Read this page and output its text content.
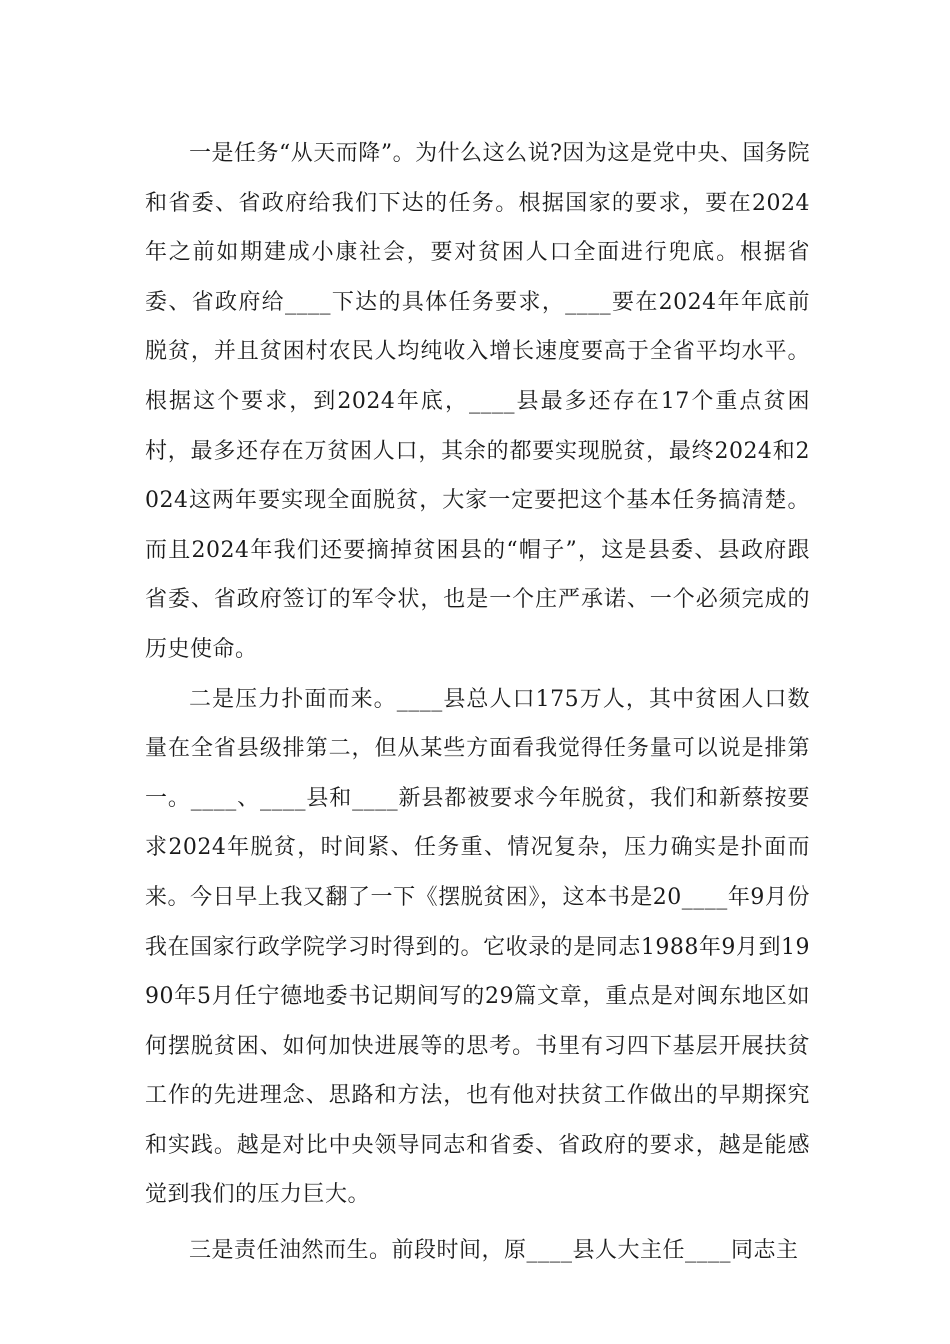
一是任务“从天而降”。为什么这么说?因为这是党中央、国务院和省委、省政府给我们下达的任务。根据国家的要求，要在2024年之前如期建成小康社会，要对贫困人口全面进行兜底。根据省委、省政府给____下达的具体任务要求，____要在2024年年底前脱贫，并且贫困村农民人均纯收入增长速度要高于全省平均水平。根据这个要求，到2024年底，____县最多还存在17个重点贫困村，最多还存在万贫困人口，其余的都要实现脱贫，最终2024和2024这两年要实现全面脱贫，大家一定要把这个基本任务搞清楚。而且2024年我们还要摘掉贫困县的“帽子”，这是县委、县政府跟省委、省政府签订的军令状，也是一个庄严承诺、一个必须完成的历史使命。

二是压力扑面而来。____县总人口175万人，其中贫困人口数量在全省县级排第二，但从某些方面看我觉得任务量可以说是排第一。____、____县和____新县都被要求今年脱贫，我们和新蔡按要求2024年脱贫，时间紧、任务重、情况复杂，压力确实是扑面而来。今日早上我又翻了一下《摆脱贫困》，这本书是20____年9月份我在国家行政学院学习时得到的。它收录的是同志1988年9月到1990年5月任宁德地委书记期间写的29篇文章，重点是对闽东地区如何摆脱贫困、如何加快进展等的思考。书里有习四下基层开展扶贫工作的先进理念、思路和方法，也有他对扶贫工作做出的早期探究和实践。越是对比中央领导同志和省委、省政府的要求，越是能感觉到我们的压力巨大。

三是责任油然而生。前段时间，原____县人大主任____同志主
